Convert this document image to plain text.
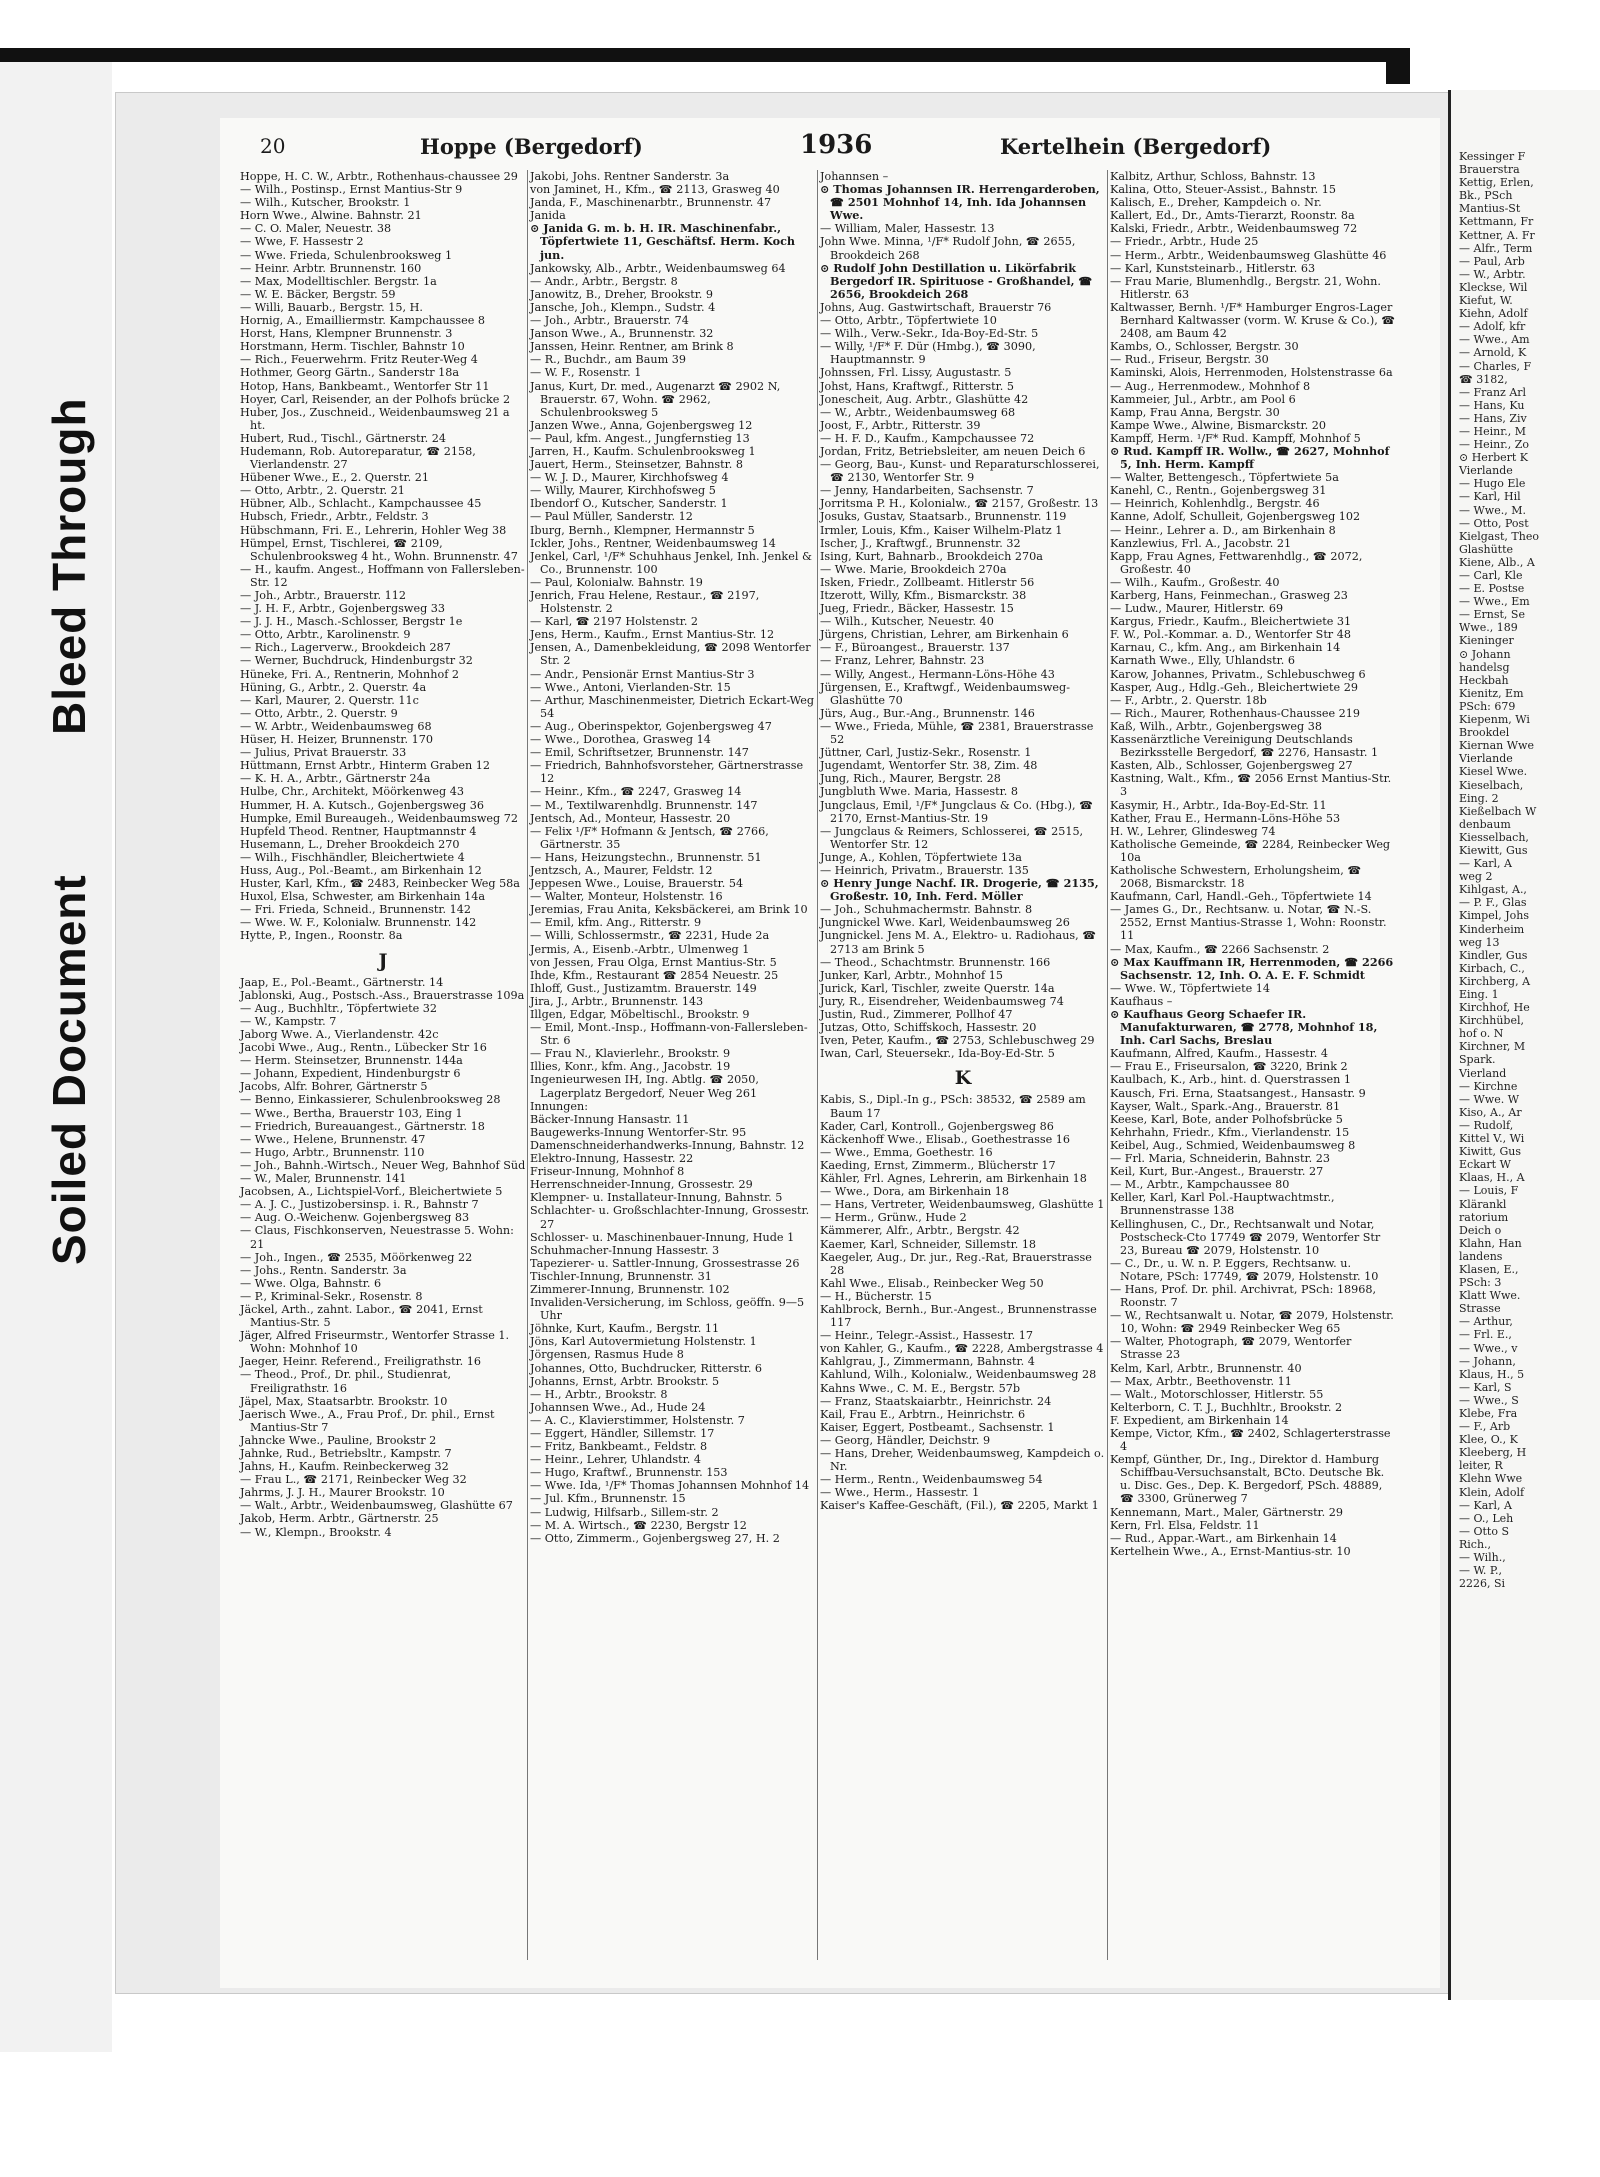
Bleed Through
Soiled Document
20	Hoppe (Bergedorf)	1936	Kertelhein (Bergedorf)
Hoppe, H. C. W., Arbtr., Rothenhaus-chaussee 29
— Wilh., Postinsp., Ernst Mantius-Str 9
— Wilh., Kutscher, Brookstr. 1
Horn Wwe., Alwine. Bahnstr. 21
— C. O. Maler, Neuestr. 38
— Wwe, F. Hassestr 2
— Wwe. Frieda, Schulenbrooksweg 1
— Heinr. Arbtr. Brunnenstr. 160
— Max, Modelltischler. Bergstr. 1a
— W. E. Bäcker, Bergstr. 59
— Willi, Bauarb., Bergstr. 15, H.
Hornig, A., Emailliermstr. Kampchaussee 8
Horst, Hans, Klempner Brunnenstr. 3
Horstmann, Herm. Tischler, Bahnstr 10
— Rich., Feuerwehrm. Fritz Reuter-Weg 4
Hothmer, Georg Gärtn., Sanderstr 18a
Hotop, Hans, Bankbeamt., Wentorfer Str 11
Hoyer, Carl, Reisender, an der Polhofs brücke 2
Huber, Jos., Zuschneid., Weidenbaumsweg 21 a ht.
Hubert, Rud., Tischl., Gärtnerstr. 24
Hudemann, Rob. Autoreparatur, ☎ 2158, Vierlandenstr. 27
Hübener Wwe., E., 2. Querstr. 21
— Otto, Arbtr., 2. Querstr. 21
Hübner, Alb., Schlacht., Kampchaussee 45
Hubsch, Friedr., Arbtr., Feldstr. 3
Hübschmann, Fri. E., Lehrerin, Hohler Weg 38
Hümpel, Ernst, Tischlerei, ☎ 2109, Schulenbrooksweg 4 ht., Wohn. Brunnenstr. 47
— H., kaufm. Angest., Hoffmann von Fallersleben-Str. 12
— Joh., Arbtr., Brauerstr. 112
— J. H. F., Arbtr., Gojenbergsweg 33
— J. J. H., Masch.-Schlosser, Bergstr 1e
— Otto, Arbtr., Karolinenstr. 9
— Rich., Lagerverw., Brookdeich 287
— Werner, Buchdruck, Hindenburgstr 32
Hüneke, Fri. A., Rentnerin, Mohnhof 2
Hüning, G., Arbtr., 2. Querstr. 4a
— Karl, Maurer, 2. Querstr. 11c
— Otto, Arbtr., 2. Querstr. 9
— W. Arbtr., Weidenbaumsweg 68
Hüser, H. Heizer, Brunnenstr. 170
— Julius, Privat Brauerstr. 33
Hüttmann, Ernst Arbtr., Hinterm Graben 12
— K. H. A., Arbtr., Gärtnerstr 24a
Hulbe, Chr., Architekt, Möörkenweg 43
Hummer, H. A. Kutsch., Gojenbergsweg 36
Humpke, Emil Bureaugeh., Weidenbaumsweg 72
Hupfeld Theod. Rentner, Hauptmannstr 4
Husemann, L., Dreher Brookdeich 270
— Wilh., Fischhändler, Bleichertwiete 4
Huss, Aug., Pol.-Beamt., am Birkenhain 12
Huster, Karl, Kfm., ☎ 2483, Reinbecker Weg 58a
Huxol, Elsa, Schwester, am Birkenhain 14a
— Fri. Frieda, Schneid., Brunnenstr. 142
— Wwe. W. F., Kolonialw. Brunnenstr. 142
Hytte, P., Ingen., Roonstr. 8a
J
Jaap, E., Pol.-Beamt., Gärtnerstr. 14
Jablonski, Aug., Postsch.-Ass., Brauerstrasse 109a
— Aug., Buchhltr., Töpfertwiete 32
— W., Kampstr. 7
Jaborg Wwe. A., Vierlandenstr. 42c
Jacobi Wwe., Aug., Rentn., Lübecker Str 16
— Herm. Steinsetzer, Brunnenstr. 144a
— Johann, Expedient, Hindenburgstr 6
Jacobs, Alfr. Bohrer, Gärtnerstr 5
— Benno, Einkassierer, Schulenbrooksweg 28
— Wwe., Bertha, Brauerstr 103, Eing 1
— Friedrich, Bureauangest., Gärtnerstr. 18
— Wwe., Helene, Brunnenstr. 47
— Hugo, Arbtr., Brunnenstr. 110
— Joh., Bahnh.-Wirtsch., Neuer Weg, Bahnhof Süd
— W., Maler, Brunnenstr. 141
Jacobsen, A., Lichtspiel-Vorf., Bleichertwiete 5
— A. J. C., Justizobersinsp. i. R., Bahnstr 7
— Aug. O.-Weichenw. Gojenbergsweg 83
— Claus, Fischkonserven, Neuestrasse 5. Wohn: 21
— Joh., Ingen., ☎ 2535, Möörkenweg 22
— Johs., Rentn. Sanderstr. 3a
— Wwe. Olga, Bahnstr. 6
— P., Kriminal-Sekr., Rosenstr. 8
Jäckel, Arth., zahnt. Labor., ☎ 2041, Ernst Mantius-Str. 5
Jäger, Alfred Friseurmstr., Wentorfer Strasse 1. Wohn: Mohnhof 10
Jaeger, Heinr. Referend., Freiligrathstr. 16
— Theod., Prof., Dr. phil., Studienrat, Freiligrathstr. 16
Jäpel, Max, Staatsarbtr. Brookstr. 10
Jaerisch Wwe., A., Frau Prof., Dr. phil., Ernst Mantius-Str 7
Jahncke Wwe., Pauline, Brookstr 2
Jahnke, Rud., Betriebsltr., Kampstr. 7
Jahns, H., Kaufm. Reinbeckerweg 32
— Frau L., ☎ 2171, Reinbecker Weg 32
Jahrms, J. J. H., Maurer Brookstr. 10
— Walt., Arbtr., Weidenbaumsweg, Glashütte 67
Jakob, Herm. Arbtr., Gärtnerstr. 25
— W., Klempn., Brookstr. 4
Jakobi, Johs. Rentner Sanderstr. 3a
von Jaminet, H., Kfm., ☎ 2113, Grasweg 40
Janda, F., Maschinenarbtr., Brunnenstr. 47
Janida
⊙ Janida G. m. b. H. IR. Maschinenfabr., Töpfertwiete 11, Geschäftsf. Herm. Koch jun.
Jankowsky, Alb., Arbtr., Weidenbaumsweg 64
— Andr., Arbtr., Bergstr. 8
Janowitz, B., Dreher, Brookstr. 9
Jansche, Joh., Klempn., Sudstr. 4
— Joh., Arbtr., Brauerstr. 74
Janson Wwe., A., Brunnenstr. 32
Janssen, Heinr. Rentner, am Brink 8
— R., Buchdr., am Baum 39
— W. F., Rosenstr. 1
Janus, Kurt, Dr. med., Augenarzt ☎ 2902 N, Brauerstr. 67, Wohn. ☎ 2962, Schulenbrooksweg 5
Janzen Wwe., Anna, Gojenbergsweg 12
— Paul, kfm. Angest., Jungfernstieg 13
Jarren, H., Kaufm. Schulenbrooksweg 1
Jauert, Herm., Steinsetzer, Bahnstr. 8
— W. J. D., Maurer, Kirchhofsweg 4
— Willy, Maurer, Kirchhofsweg 5
Ibendorf O., Kutscher, Sanderstr. 1
— Paul Müller, Sanderstr. 12
Iburg, Bernh., Klempner, Hermannstr 5
Ickler, Johs., Rentner, Weidenbaumsweg 14
Jenkel, Carl, ¹/F* Schuhhaus Jenkel, Inh. Jenkel & Co., Brunnenstr. 100
— Paul, Kolonialw. Bahnstr. 19
Jenrich, Frau Helene, Restaur., ☎ 2197, Holstenstr. 2
— Karl, ☎ 2197 Holstenstr. 2
Jens, Herm., Kaufm., Ernst Mantius-Str. 12
Jensen, A., Damenbekleidung, ☎ 2098 Wentorfer Str. 2
— Andr., Pensionär Ernst Mantius-Str 3
— Wwe., Antoni, Vierlanden-Str. 15
— Arthur, Maschinenmeister, Dietrich Eckart-Weg 54
— Aug., Oberinspektor, Gojenbergsweg 47
— Wwe., Dorothea, Grasweg 14
— Emil, Schriftsetzer, Brunnenstr. 147
— Friedrich, Bahnhofsvorsteher, Gärtnerstrasse 12
— Heinr., Kfm., ☎ 2247, Grasweg 14
— M., Textilwarenhdlg. Brunnenstr. 147
Jentsch, Ad., Monteur, Hassestr. 20
— Felix ¹/F* Hofmann & Jentsch, ☎ 2766, Gärtnerstr. 35
— Hans, Heizungstechn., Brunnenstr. 51
Jentzsch, A., Maurer, Feldstr. 12
Jeppesen Wwe., Louise, Brauerstr. 54
— Walter, Monteur, Holstenstr. 16
Jeremias, Frau Anita, Keksbäckerei, am Brink 10
— Emil, kfm. Ang., Ritterstr. 9
— Willi, Schlossermstr., ☎ 2231, Hude 2a
Jermis, A., Eisenb.-Arbtr., Ulmenweg 1
von Jessen, Frau Olga, Ernst Mantius-Str. 5
Ihde, Kfm., Restaurant ☎ 2854 Neuestr. 25
Ihloff, Gust., Justizamtm. Brauerstr. 149
Jira, J., Arbtr., Brunnenstr. 143
Illgen, Edgar, Möbeltischl., Brookstr. 9
— Emil, Mont.-Insp., Hoffmann-von-Fallersleben-Str. 6
— Frau N., Klavierlehr., Brookstr. 9
Illies, Konr., kfm. Ang., Jacobstr. 19
Ingenieurwesen IH, Ing. Abtlg. ☎ 2050, Lagerplatz Bergedorf, Neuer Weg 261
Innungen:
Bäcker-Innung Hansastr. 11
Baugewerks-Innung Wentorfer-Str. 95
Damenschneiderhandwerks-Innung, Bahnstr. 12
Elektro-Innung, Hassestr. 22
Friseur-Innung, Mohnhof 8
Herrenschneider-Innung, Grossestr. 29
Klempner- u. Installateur-Innung, Bahnstr. 5
Schlachter- u. Großschlachter-Innung, Grossestr. 27
Schlosser- u. Maschinenbauer-Innung, Hude 1
Schuhmacher-Innung Hassestr. 3
Tapezierer- u. Sattler-Innung, Grossestrasse 26
Tischler-Innung, Brunnenstr. 31
Zimmerer-Innung, Brunnenstr. 102
Invaliden-Versicherung, im Schloss, geöffn. 9—5 Uhr
Jöhnke, Kurt, Kaufm., Bergstr. 11
Jöns, Karl Autovermietung Holstenstr. 1
Jörgensen, Rasmus Hude 8
Johannes, Otto, Buchdrucker, Ritterstr. 6
Johanns, Ernst, Arbtr. Brookstr. 5
— H., Arbtr., Brookstr. 8
Johannsen Wwe., Ad., Hude 24
— A. C., Klavierstimmer, Holstenstr. 7
— Eggert, Händler, Sillemstr. 17
— Fritz, Bankbeamt., Feldstr. 8
— Heinr., Lehrer, Uhlandstr. 4
— Hugo, Kraftwf., Brunnenstr. 153
— Wwe. Ida, ¹/F* Thomas Johannsen Mohnhof 14
— Jul. Kfm., Brunnenstr. 15
— Ludwig, Hilfsarb., Sillem-str. 2
— M. A. Wirtsch., ☎ 2230, Bergstr 12
— Otto, Zimmerm., Gojenbergsweg 27, H. 2
Johannsen –
⊙ Thomas Johannsen IR. Herrengarderoben, ☎ 2501 Mohnhof 14, Inh. Ida Johannsen Wwe.
— William, Maler, Hassestr. 13
John Wwe. Minna, ¹/F* Rudolf John, ☎ 2655, Brookdeich 268
⊙ Rudolf John Destillation u. Likörfabrik Bergedorf IR. Spirituose - Großhandel, ☎ 2656, Brookdeich 268
Johns, Aug. Gastwirtschaft, Brauerstr 76
— Otto, Arbtr., Töpfertwiete 10
— Wilh., Verw.-Sekr., Ida-Boy-Ed-Str. 5
— Willy, ¹/F* F. Dür (Hmbg.), ☎ 3090, Hauptmannstr. 9
Johnssen, Frl. Lissy, Augustastr. 5
Johst, Hans, Kraftwgf., Ritterstr. 5
Jonescheit, Aug. Arbtr., Glashütte 42
— W., Arbtr., Weidenbaumsweg 68
Joost, F., Arbtr., Ritterstr. 39
— H. F. D., Kaufm., Kampchaussee 72
Jordan, Fritz, Betriebsleiter, am neuen Deich 6
— Georg, Bau-, Kunst- und Reparaturschlosserei, ☎ 2130, Wentorfer Str. 9
— Jenny, Handarbeiten, Sachsenstr. 7
Jorritsma P. H., Kolonialw., ☎ 2157, Großestr. 13
Josuks, Gustav, Staatsarb., Brunnenstr. 119
Irmler, Louis, Kfm., Kaiser Wilhelm-Platz 1
Ischer, J., Kraftwgf., Brunnenstr. 32
Ising, Kurt, Bahnarb., Brookdeich 270a
— Wwe. Marie, Brookdeich 270a
Isken, Friedr., Zollbeamt. Hitlerstr 56
Itzerott, Willy, Kfm., Bismarckstr. 38
Jueg, Friedr., Bäcker, Hassestr. 15
— Wilh., Kutscher, Neuestr. 40
Jürgens, Christian, Lehrer, am Birkenhain 6
— F., Büroangest., Brauerstr. 137
— Franz, Lehrer, Bahnstr. 23
— Willy, Angest., Hermann-Löns-Höhe 43
Jürgensen, E., Kraftwgf., Weidenbaumsweg-Glashütte 70
Jürs, Aug., Bur.-Ang., Brunnenstr. 146
— Wwe., Frieda, Mühle, ☎ 2381, Brauerstrasse 52
Jüttner, Carl, Justiz-Sekr., Rosenstr. 1
Jugendamt, Wentorfer Str. 38, Zim. 48
Jung, Rich., Maurer, Bergstr. 28
Jungbluth Wwe. Maria, Hassestr. 8
Jungclaus, Emil, ¹/F* Jungclaus & Co. (Hbg.), ☎ 2170, Ernst-Mantius-Str. 19
— Jungclaus & Reimers, Schlosserei, ☎ 2515, Wentorfer Str. 12
Junge, A., Kohlen, Töpfertwiete 13a
— Heinrich, Privatm., Brauerstr. 135
⊙ Henry Junge Nachf. IR. Drogerie, ☎ 2135, Großestr. 10, Inh. Ferd. Möller
— Joh., Schuhmachermstr. Bahnstr. 8
Jungnickel Wwe. Karl, Weidenbaumsweg 26
Jungnickel. Jens M. A., Elektro- u. Radiohaus, ☎ 2713 am Brink 5
— Theod., Schachtmstr. Brunnenstr. 166
Junker, Karl, Arbtr., Mohnhof 15
Jurick, Karl, Tischler, zweite Querstr. 14a
Jury, R., Eisendreher, Weidenbaumsweg 74
Justin, Rud., Zimmerer, Pollhof 47
Jutzas, Otto, Schiffskoch, Hassestr. 20
Iven, Peter, Kaufm., ☎ 2753, Schlebuschweg 29
Iwan, Carl, Steuersekr., Ida-Boy-Ed-Str. 5
K
Kabis, S., Dipl.-In g., PSch: 38532, ☎ 2589 am Baum 17
Kader, Carl, Kontroll., Gojenbergsweg 86
Käckenhoff Wwe., Elisab., Goethestrasse 16
— Wwe., Emma, Goethestr. 16
Kaeding, Ernst, Zimmerm., Blücherstr 17
Kähler, Frl. Agnes, Lehrerin, am Birkenhain 18
— Wwe., Dora, am Birkenhain 18
— Hans, Vertreter, Weidenbaumsweg, Glashütte 1
— Herm., Grünw., Hude 2
Kämmerer, Alfr., Arbtr., Bergstr. 42
Kaemer, Karl, Schneider, Sillemstr. 18
Kaegeler, Aug., Dr. jur., Reg.-Rat, Brauerstrasse 28
Kahl Wwe., Elisab., Reinbecker Weg 50
— H., Bücherstr. 15
Kahlbrock, Bernh., Bur.-Angest., Brunnenstrasse 117
— Heinr., Telegr.-Assist., Hassestr. 17
von Kahler, G., Kaufm., ☎ 2228, Ambergstrasse 4
Kahlgrau, J., Zimmermann, Bahnstr. 4
Kahlund, Wilh., Kolonialw., Weidenbaumsweg 28
Kahns Wwe., C. M. E., Bergstr. 57b
— Franz, Staatskaiarbtr., Heinrichstr. 24
Kail, Frau E., Arbtrn., Heinrichstr. 6
Kaiser, Eggert, Postbeamt., Sachsenstr. 1
— Georg, Händler, Deichstr. 9
— Hans, Dreher, Weidenbaumsweg, Kampdeich o. Nr.
— Herm., Rentn., Weidenbaumsweg 54
— Wwe., Herm., Hassestr. 1
Kaiser's Kaffee-Geschäft, (Fil.), ☎ 2205, Markt 1
Kalbitz, Arthur, Schloss, Bahnstr. 13
Kalina, Otto, Steuer-Assist., Bahnstr. 15
Kalisch, E., Dreher, Kampdeich o. Nr.
Kallert, Ed., Dr., Amts-Tierarzt, Roonstr. 8a
Kalski, Friedr., Arbtr., Weidenbaumsweg 72
— Friedr., Arbtr., Hude 25
— Herm., Arbtr., Weidenbaumsweg Glashütte 46
— Karl, Kunststeinarb., Hitlerstr. 63
— Frau Marie, Blumenhdlg., Bergstr. 21, Wohn. Hitlerstr. 63
Kaltwasser, Bernh. ¹/F* Hamburger Engros-Lager Bernhard Kaltwasser (vorm. W. Kruse & Co.), ☎ 2408, am Baum 42
Kambs, O., Schlosser, Bergstr. 30
— Rud., Friseur, Bergstr. 30
Kaminski, Alois, Herrenmoden, Holstenstrasse 6a
— Aug., Herrenmodew., Mohnhof 8
Kammeier, Jul., Arbtr., am Pool 6
Kamp, Frau Anna, Bergstr. 30
Kampe Wwe., Alwine, Bismarckstr. 20
Kampff, Herm. ¹/F* Rud. Kampff, Mohnhof 5
⊙ Rud. Kampff IR. Wollw., ☎ 2627, Mohnhof 5, Inh. Herm. Kampff
— Walter, Bettengesch., Töpfertwiete 5a
Kanehl, C., Rentn., Gojenbergsweg 31
— Heinrich, Kohlenhdlg., Bergstr. 46
Kanne, Adolf, Schulleit, Gojenbergsweg 102
— Heinr., Lehrer a. D., am Birkenhain 8
Kanzlewius, Frl. A., Jacobstr. 21
Kapp, Frau Agnes, Fettwarenhdlg., ☎ 2072, Großestr. 40
— Wilh., Kaufm., Großestr. 40
Karberg, Hans, Feinmechan., Grasweg 23
— Ludw., Maurer, Hitlerstr. 69
Kargus, Friedr., Kaufm., Bleichertwiete 31
F. W., Pol.-Kommar. a. D., Wentorfer Str 48
Karnau, C., kfm. Ang., am Birkenhain 14
Karnath Wwe., Elly, Uhlandstr. 6
Karow, Johannes, Privatm., Schlebuschweg 6
Kasper, Aug., Hdlg.-Geh., Bleichertwiete 29
— F., Arbtr., 2. Querstr. 18b
— Rich., Maurer, Rothenhaus-Chaussee 219
Kaß, Wilh., Arbtr., Gojenbergsweg 38
Kassenärztliche Vereinigung Deutschlands Bezirksstelle Bergedorf, ☎ 2276, Hansastr. 1
Kasten, Alb., Schlosser, Gojenbergsweg 27
Kastning, Walt., Kfm., ☎ 2056 Ernst Mantius-Str. 3
Kasymir, H., Arbtr., Ida-Boy-Ed-Str. 11
Kather, Frau E., Hermann-Löns-Höhe 53
H. W., Lehrer, Glindesweg 74
Katholische Gemeinde, ☎ 2284, Reinbecker Weg 10a
Katholische Schwestern, Erholungsheim, ☎ 2068, Bismarckstr. 18
Kaufmann, Carl, Handl.-Geh., Töpfertwiete 14
— James G., Dr., Rechtsanw. u. Notar, ☎ N.-S. 2552, Ernst Mantius-Strasse 1, Wohn: Roonstr. 11
— Max, Kaufm., ☎ 2266 Sachsenstr. 2
⊙ Max Kauffmann IR, Herrenmoden, ☎ 2266 Sachsenstr. 12, Inh. O. A. E. F. Schmidt
— Wwe. W., Töpfertwiete 14
Kaufhaus –
⊙ Kaufhaus Georg Schaefer IR. Manufakturwaren, ☎ 2778, Mohnhof 18, Inh. Carl Sachs, Breslau
Kaufmann, Alfred, Kaufm., Hassestr. 4
— Frau E., Friseursalon, ☎ 3220, Brink 2
Kaulbach, K., Arb., hint. d. Querstrassen 1
Kausch, Fri. Erna, Staatsangest., Hansastr. 9
Kayser, Walt., Spark.-Ang., Brauerstr. 81
Keese, Karl, Bote, ander Polhofsbrücke 5
Kehrhahn, Friedr., Kfm., Vierlandenstr. 15
Keibel, Aug., Schmied, Weidenbaumsweg 8
— Frl. Maria, Schneiderin, Bahnstr. 23
Keil, Kurt, Bur.-Angest., Brauerstr. 27
— M., Arbtr., Kampchaussee 80
Keller, Karl, Karl Pol.-Hauptwachtmstr., Brunnenstrasse 138
Kellinghusen, C., Dr., Rechtsanwalt und Notar, Postscheck-Cto 17749 ☎ 2079, Wentorfer Str 23, Bureau ☎ 2079, Holstenstr. 10
— C., Dr., u. W. n. P. Eggers, Rechtsanw. u. Notare, PSch: 17749, ☎ 2079, Holstenstr. 10
— Hans, Prof. Dr. phil. Archivrat, PSch: 18968, Roonstr. 7
— W., Rechtsanwalt u. Notar, ☎ 2079, Holstenstr. 10, Wohn: ☎ 2949 Reinbecker Weg 65
— Walter, Photograph, ☎ 2079, Wentorfer Strasse 23
Kelm, Karl, Arbtr., Brunnenstr. 40
— Max, Arbtr., Beethovenstr. 11
— Walt., Motorschlosser, Hitlerstr. 55
Kelterborn, C. T. J., Buchhltr., Brookstr. 2
F. Expedient, am Birkenhain 14
Kempe, Victor, Kfm., ☎ 2402, Schlagerterstrasse 4
Kempf, Günther, Dr., Ing., Direktor d. Hamburg Schiffbau-Versuchsanstalt, BCto. Deutsche Bk. u. Disc. Ges., Dep. K. Bergedorf, PSch. 48889, ☎ 3300, Grünerweg 7
Kennemann, Mart., Maler, Gärtnerstr. 29
Kern, Frl. Elsa, Feldstr. 11
— Rud., Appar.-Wart., am Birkenhain 14
Kertelhein Wwe., A., Ernst-Mantius-str. 10
Kessinger F
Brauerstra
Kettig, Erlen,
Bk., PSch
Mantius-St
Kettmann, Fr
Kettner, A. Fr
— Alfr., Term
— Paul, Arb
— W., Arbtr.
Kleckse, Wil
Kiefut, W.
Kiehn, Adolf
— Adolf, kfr
— Wwe., Am
— Arnold, K
— Charles, F
☎ 3182,
— Franz Arl
— Hans, Ku
— Hans, Ziv
— Heinr., M
— Heinr., Zo
⊙ Herbert K
Vierlande
— Hugo Ele
— Karl, Hil
— Wwe., M.
— Otto, Post
Kielgast, Theo
Glashütte
Kiene, Alb., A
— Carl, Kle
— E. Postse
— Wwe., Em
— Ernst, Se
Wwe., 189
Kieninger
⊙ Johann
handelsg
Heckbah
Kienitz, Em
PSch: 679
Kiepenm, Wi
Brookdel
Kiernan Wwe
Vierlande
Kiesel Wwe.
Kieselbach,
Eing. 2
Kießelbach W
denbaum
Kiesselbach,
Kiewitt, Gus
— Karl, A
weg 2
Kihlgast, A.,
— P. F., Glas
Kimpel, Johs
Kinderheim
weg 13
Kindler, Gus
Kirbach, C.,
Kirchberg, A
Eing. 1
Kirchhof, He
Kirchhübel,
hof o. N
Kirchner, M
Spark.
Vierland
— Kirchne
— Wwe. W
Kiso, A., Ar
— Rudolf,
Kittel V., Wi
Kiwitt, Gus
Eckart W
Klaas, H., A
— Louis, F
Klärankl
ratorium
Deich o
Klahn, Han
landens
Klasen, E.,
PSch: 3
Klatt Wwe.
Strasse
— Arthur,
— Frl. E.,
— Wwe., v
— Johann,
Klaus, H., 5
— Karl, S
— Wwe., S
Klebe, Fra
— F., Arb
Klee, O., K
Kleeberg, H
leiter, R
Klehn Wwe
Klein, Adolf
— Karl, A
— O., Leh
— Otto S
Rich.,
— Wilh.,
— W. P.,
2226, Si
